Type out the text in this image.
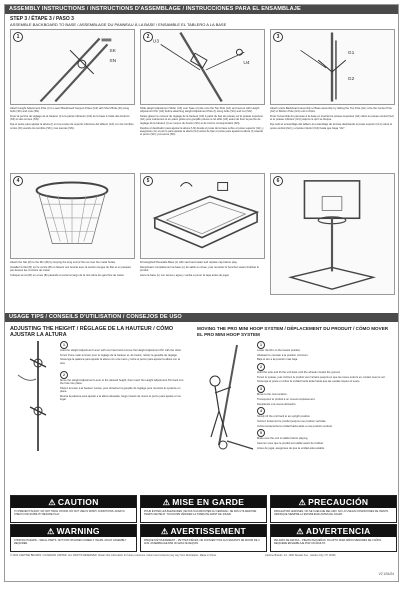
ASSEMBLY INSTRUCTIONS / INSTRUCTIONS D'ASSEMBLAGE / INSTRUCCIONES PARA EL ENSAMBLAJE
STEP 3 / ÉTAPE 3 / PASO 3
ASSEMBLE BACKBOARD TO BASE / ASSEMBLAGE DU PANNEAU À LA BASE / ENSAMBLE EL TABLERO A LA BASE
1
SK
SN

Attach Height Adjustment Pole (I) to Lower Backboard Support Poles (G3) with Short Bolts (D) using bolts (SK) and nuts (SN).

Fixez la perche de réglage de la hauteur (I) à la partie inférieure (G3) de la base à l'aide des boulons (SK) et des écrous (SN).

Fije el poste para ajustar la altura (I) en los postes de soporte inferiores del tablero (G3) con los tornillos cortos (D) usando los tornillos (SK) y las tuercas (SN).

2
U3
U4

Slide Height Adjustment Slider (U3) over base of pole onto the Top Pole (G1) and secure with Height Adjustment Pin (U4) before attaching Height Adjustment Pole (I) using bolts (SK) and nut (SN).

Faites glisser le curseur de réglage de la hauteur (U3) à partir du bas du poteau sur le poteau supérieur (G1) puis maintenez-le en place grâce à la goupille prévue à cet effet (U4) avant de fixer la perche de réglage de la hauteur (I) au moyen du boulon (SK) et de l'écrou correspondant (SN).

Deslice el deslizador para ajustar la altura (U3) desde el poste de la base sobre el poste superior (G1) y asegúrelo con el perno para ajustar la altura (U4) antes de fijar el poste para ajustar la altura (I) usando el perno (SK) y la tuerca (SN).

3
G1
G2

Attach entire Backboard assembly to Base assembly by sliding the Top Pole (G1) onto the Center Pole (G2) in Bottom Pole (G3) until it clicks.

Fixez l'ensemble du panneau à la base en insérant le poteau supérieur (G1) dans le poteau central (G2) et le poteau inférieur (G3) jusqu'à ce qu'il se bloque.

Fije todo el ensamblaje del tablero al ensamblaje de la base deslizando el poste superior (G1) sobre el poste central (G2) y el poste inferior (G3) hasta que haga "clic".

4

Attach the Net (R) to the Rim (B) by looping the long end of the net over the metal hooks.

Installez le filet (R) sur le cercle (B) en faisant une boucle avec la section longue du filet et en passant par dessus les crochets de métal.

Coloque la red (R) en el aro (B) pasando el extremo largo de la red sobre los ganchos de metal.

5

Fill weighted Moveable Base (L) with sand and water and replace cap before play.

Remplissez complètement la base (L) de sable ou d'eau, puis remettez le bouchon avant d'utiliser le produit.

Llene la base (L) con arena o agua y vuelva a poner la tapa antes de jugar.

6

USAGE TIPS / CONSEILS D'UTILISATION / CONSEJOS DE USO
ADJUSTING THE HEIGHT / RÉGLAGE DE LA HAUTEUR / CÓMO AJUSTAR LA ALTURA
1

Hold the Height Adjustment Lever with one hand and remove the Height Adjustment Pin with the other.

Tenez d'une main le levier pour le réglage de la hauteur et, de l'autre, retirez la goupille de réglage.

Sostenga la palanca para ajustar la altura con una mano y retire el perno para ajustar la altura con la otra.

2

Move the Height Adjustment Lever to the desired height, then insert the Height Adjustment Pin back into the hole into place.

Placez le levier à la hauteur voulue, puis réinsérez la goupille de réglage pour remettre le système en place.

Mueva la palanca para ajustar a la altura deseada, luego inserte de nuevo el perno para ajustar en su lugar.

MOVING THE PRO MINI HOOP SYSTEM / DÉPLACEMENT DU PRODUIT / CÓMO MOVER EL PRO MINI HOOP SYSTEM
1

Lower the Rim to the lowest position.

Abaissez le cerceau à la position minimum.

Baje el aro a la posición más baja.

2

Hold the pole and tilt the unit back until the wheels contact the ground.

Tenez le poteau, puis inclinez le produit vers l'arrière jusqu'à ce que les roues entrent en contact avec le sol.

Sostenga el poste e incline la unidad hacia atrás hasta que las ruedas toquen el suelo.

3

Move to the new location.

Transportez le produit à un nouvel emplacement.

Desplácelo a la nueva ubicación.

4

Slowly tilt the unit back to an upright position.

Inclinez lentement le produit jusqu'à une position verticale.

Incline lentamente la unidad hacia atrás a una posición vertical.

5

Make sure the unit is stable before playing.

Assurez-vous que le produit est stable avant de l'utiliser.

Antes de jugar, asegúrese de que la unidad está estable.

⚠ CAUTION
TO PREVENT INJURY, DO NOT HANG ON RIM. DO NOT USE IN WINDY CONDITIONS. ALWAYS CHECK FOR STABILITY BEFORE PLAY.
⚠ MISE EN GARDE
POUR ÉVITER LES BLESSURES, NE PAS S'ACCROCHER AU CERCEAU. NE PAS UTILISER PAR TEMPS VENTEUX. TOUJOURS VÉRIFIER LA STABILITÉ AVANT DE JOUER.
⚠ PRECAUCIÓN
PARA EVITAR LESIONES, NO SE CUELGUE DEL ARO. NO LO USE EN CONDICIONES DE VIENTO. VERIFIQUE SIEMPRE LA ESTABILIDAD ANTES DE JUGAR.
⚠ WARNING
CHOKING HAZARD – SMALL PARTS. NOT FOR CHILDREN UNDER 3 YEARS. ADULT ASSEMBLY REQUIRED.
⚠ AVERTISSEMENT
RISQUE D'ÉTOUFFEMENT – PETITES PIÈCES. NE CONVIENT PAS AUX ENFANTS DE MOINS DE 3 ANS. ASSEMBLAGE PAR UN ADULTE REQUIS.
⚠ ADVERTENCIA
PELIGRO DE ASFIXIA – PIEZAS PEQUEÑAS. NO APTO PARA NIÑOS MENORES DE 3 AÑOS. REQUIERE ENSAMBLAJE POR UN ADULTO.
© 2024 LIFETIME BRANDS / CANADIAN LIMITED. ALL RIGHTS RESERVED. Retain this information for future reference. Colors and contents may vary from illustrations. Made in China.	Lifetime Brands, Inc. 1000 Stewart Ave., Garden City, NY 11530
V2 1/04/24
